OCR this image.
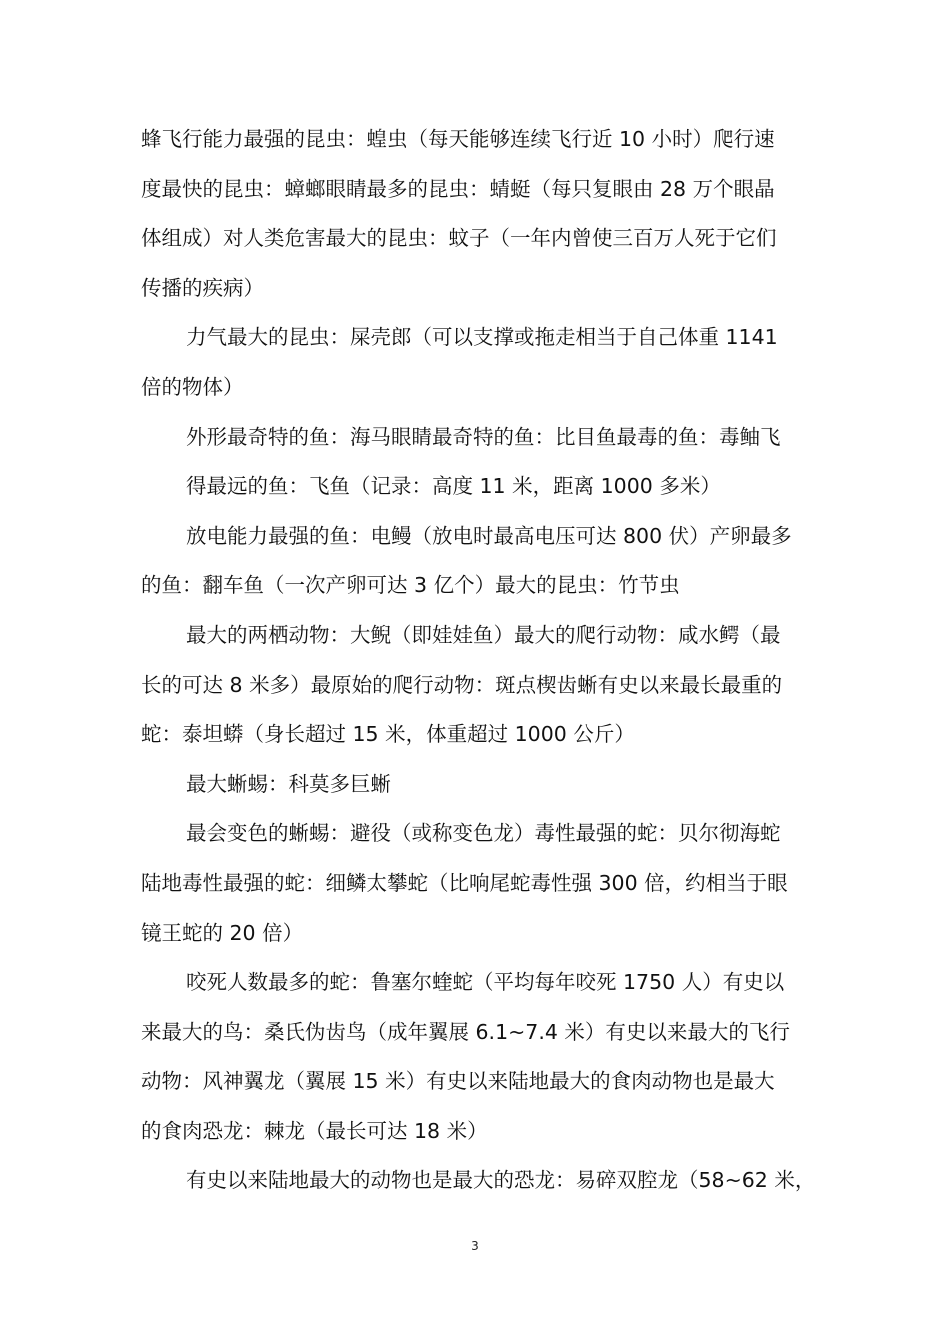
蜂飞行能力最强的昆虫：蝗虫（每天能够连续飞行近 10 小时）爬行速
度最快的昆虫：蟑螂眼睛最多的昆虫：蜻蜓（每只复眼由 28 万个眼晶
体组成）对人类危害最大的昆虫：蚊子（一年内曾使三百万人死于它们
传播的疾病）
力气最大的昆虫：屎壳郎（可以支撑或拖走相当于自己体重 1141
倍的物体）
外形最奇特的鱼：海马眼睛最奇特的鱼：比目鱼最毒的鱼：毒鲉飞
得最远的鱼：飞鱼（记录：高度 11 米，距离 1000 多米）
放电能力最强的鱼：电鳗（放电时最高电压可达 800 伏）产卵最多
的鱼：翻车鱼（一次产卵可达 3 亿个）最大的昆虫：竹节虫
最大的两栖动物：大鲵（即娃娃鱼）最大的爬行动物：咸水鳄（最
长的可达 8 米多）最原始的爬行动物：斑点楔齿蜥有史以来最长最重的
蛇：泰坦蟒（身长超过 15 米，体重超过 1000 公斤）
最大蜥蜴：科莫多巨蜥
最会变色的蜥蜴：避役（或称变色龙）毒性最强的蛇：贝尔彻海蛇
陆地毒性最强的蛇：细鳞太攀蛇（比响尾蛇毒性强 300 倍，约相当于眼
镜王蛇的 20 倍）
咬死人数最多的蛇：鲁塞尔蝰蛇（平均每年咬死 1750 人）有史以
来最大的鸟：桑氏伪齿鸟（成年翼展 6.1~7.4 米）有史以来最大的飞行
动物：风神翼龙（翼展 15 米）有史以来陆地最大的食肉动物也是最大
的食肉恐龙：棘龙（最长可达 18 米）
有史以来陆地最大的动物也是最大的恐龙：易碎双腔龙（58~62 米，
3
